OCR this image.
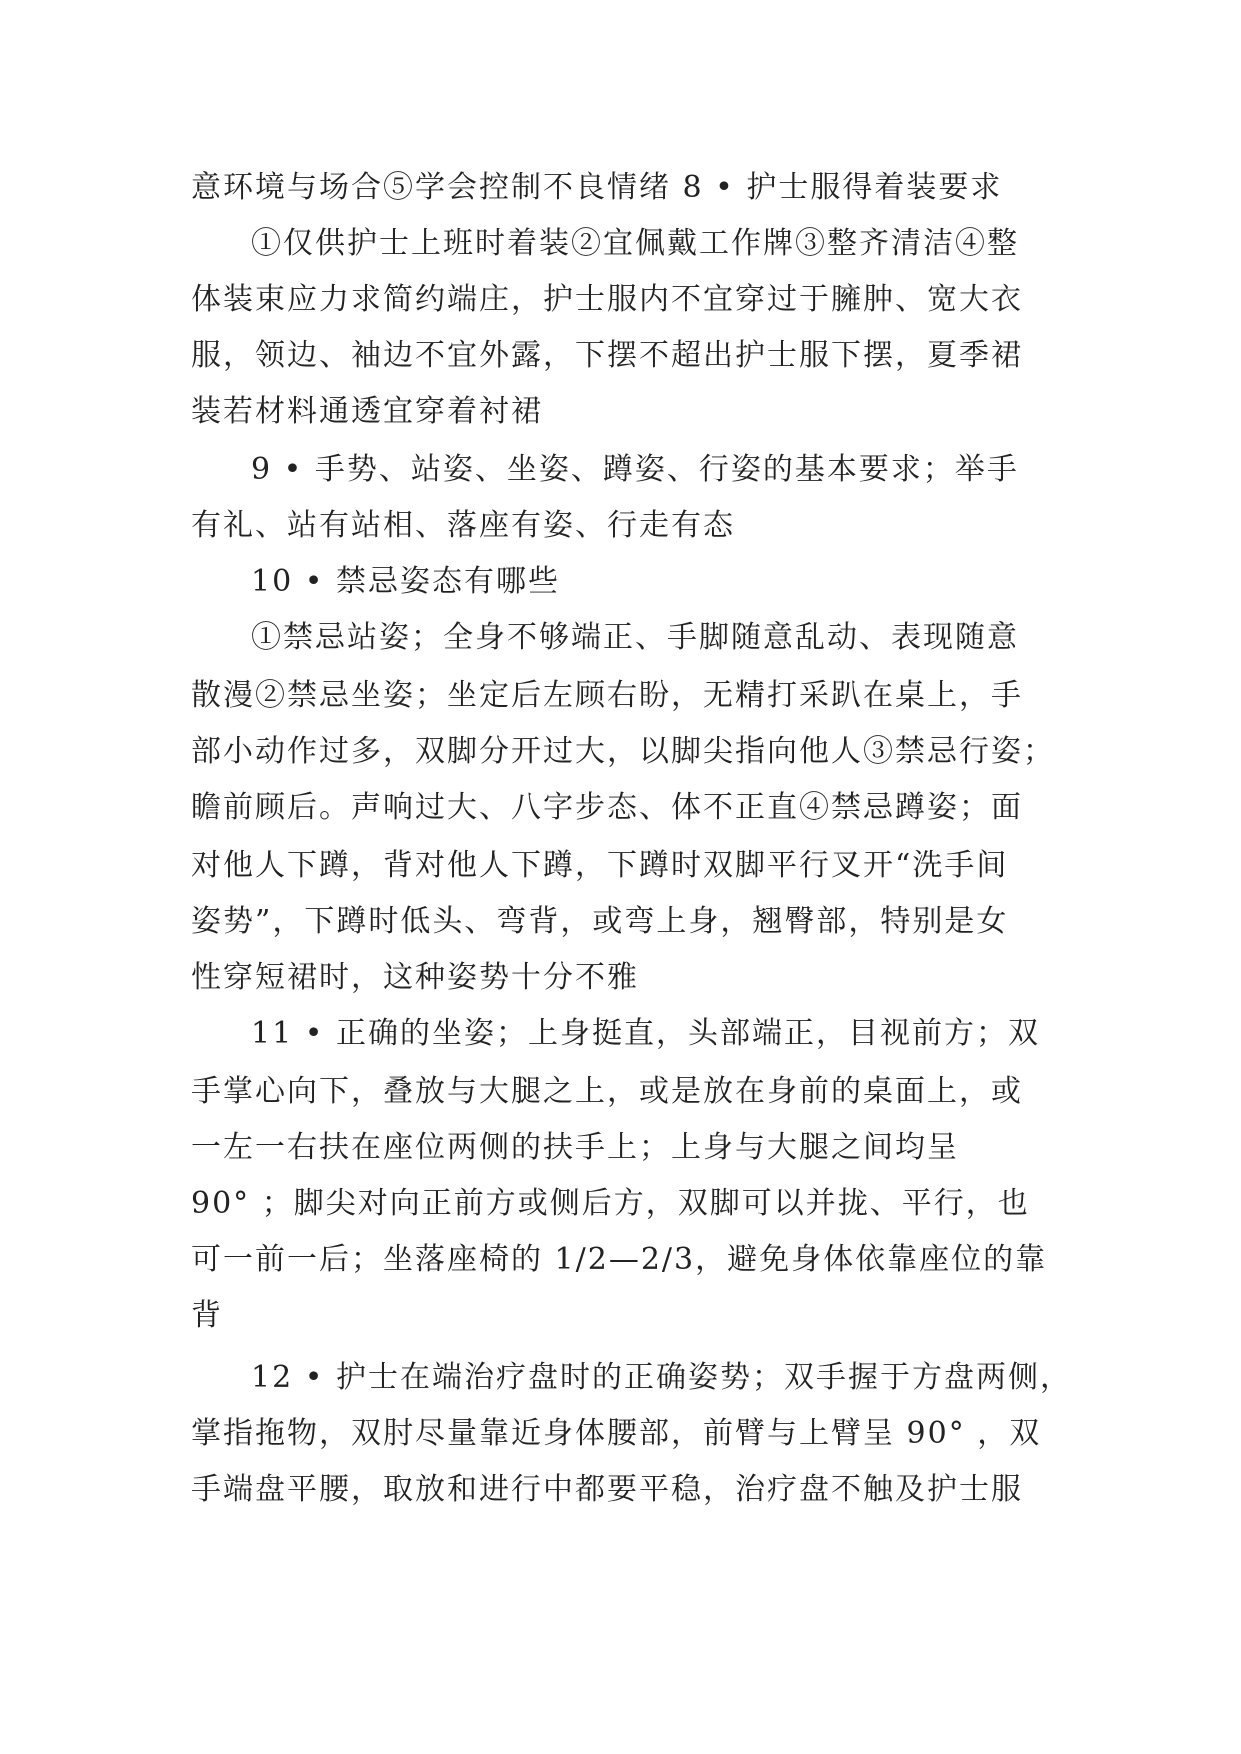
意环境与场合⑤学会控制不良情绪 8 • 护士服得着装要求
①仅供护士上班时着装②宜佩戴工作牌③整齐清洁④整
体装束应力求简约端庄，护士服内不宜穿过于臃肿、宽大衣
服，领边、袖边不宜外露，下摆不超出护士服下摆，夏季裙
装若材料通透宜穿着衬裙
9 • 手势、站姿、坐姿、蹲姿、行姿的基本要求；举手
有礼、站有站相、落座有姿、行走有态
10 • 禁忌姿态有哪些
①禁忌站姿；全身不够端正、手脚随意乱动、表现随意
散漫②禁忌坐姿；坐定后左顾右盼，无精打采趴在桌上，手
部小动作过多，双脚分开过大，以脚尖指向他人③禁忌行姿；
瞻前顾后。声响过大、八字步态、体不正直④禁忌蹲姿；面
对他人下蹲，背对他人下蹲，下蹲时双脚平行叉开“洗手间
姿势”，下蹲时低头、弯背，或弯上身，翘臀部，特别是女
性穿短裙时，这种姿势十分不雅
11 • 正确的坐姿；上身挺直，头部端正，目视前方；双
手掌心向下，叠放与大腿之上，或是放在身前的桌面上，或
一左一右扶在座位两侧的扶手上；上身与大腿之间均呈
90° ；脚尖对向正前方或侧后方，双脚可以并拢、平行，也
可一前一后；坐落座椅的 1/2—2/3，避免身体依靠座位的靠
背
12 • 护士在端治疗盘时的正确姿势；双手握于方盘两侧，
掌指拖物，双肘尽量靠近身体腰部，前臂与上臂呈 90° ，双
手端盘平腰，取放和进行中都要平稳，治疗盘不触及护士服
